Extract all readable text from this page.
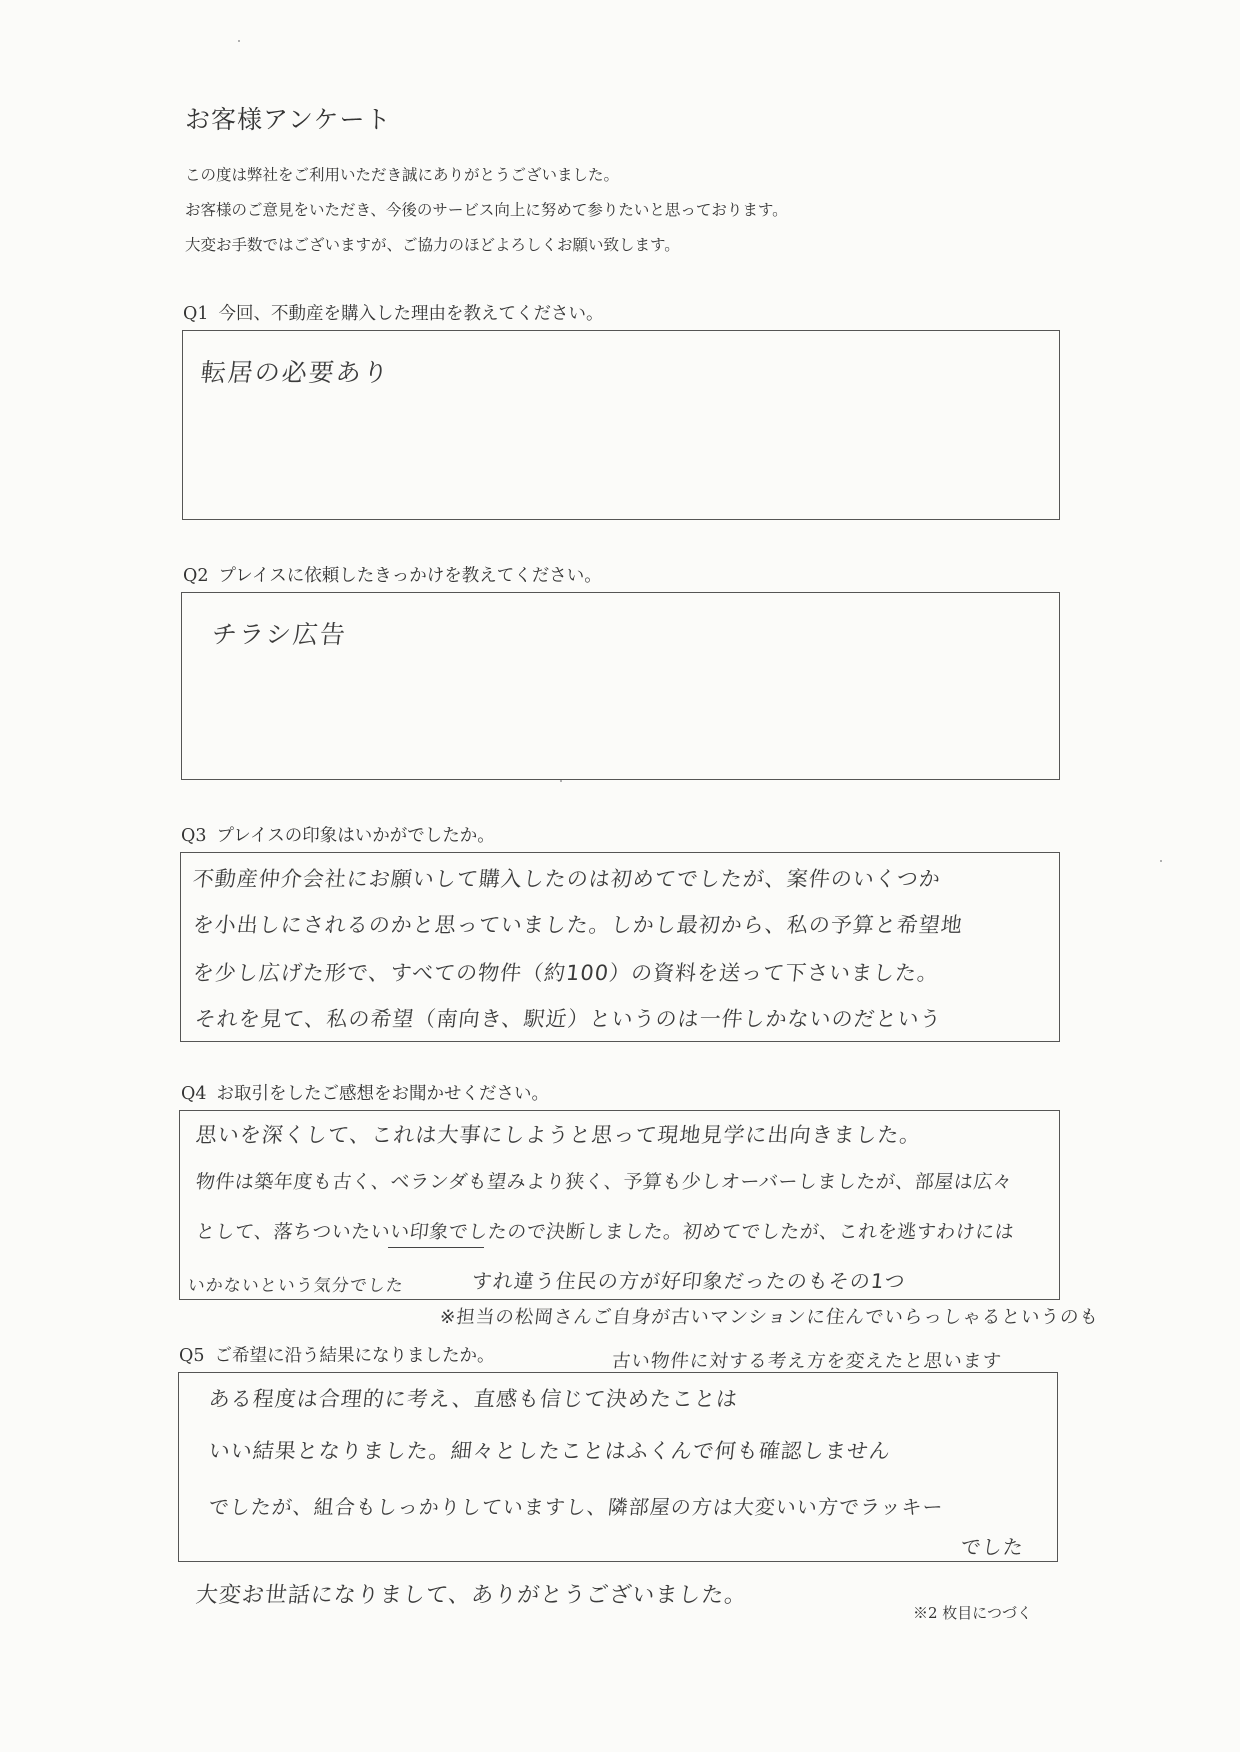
お客様アンケート
この度は弊社をご利用いただき誠にありがとうございました。
お客様のご意見をいただき、今後のサービス向上に努めて参りたいと思っております。
大変お手数ではございますが、ご協力のほどよろしくお願い致します。
Q1 今回、不動産を購入した理由を教えてください。
転居の必要あり
Q2 プレイスに依頼したきっかけを教えてください。
チラシ広告
Q3 プレイスの印象はいかがでしたか。
不動産仲介会社にお願いして購入したのは初めてでしたが、案件のいくつか
を小出しにされるのかと思っていました。しかし最初から、私の予算と希望地
を少し広げた形で、すべての物件（約100）の資料を送って下さいました。
それを見て、私の希望（南向き、駅近）というのは一件しかないのだという
Q4 お取引をしたご感想をお聞かせください。
思いを深くして、これは大事にしようと思って現地見学に出向きました。
物件は築年度も古く、ベランダも望みより狭く、予算も少しオーバーしましたが、部屋は広々
として、落ちついたいい印象でしたので決断しました。初めてでしたが、これを逃すわけには
いかないという気分でした	すれ違う住民の方が好印象だったのもその1つ
※担当の松岡さんご自身が古いマンションに住んでいらっしゃるというのも
古い物件に対する考え方を変えたと思います
Q5 ご希望に沿う結果になりましたか。
ある程度は合理的に考え、直感も信じて決めたことは
いい結果となりました。細々としたことはふくんで何も確認しません
でしたが、組合もしっかりしていますし、隣部屋の方は大変いい方でラッキー
でした
大変お世話になりまして、ありがとうございました。
※2 枚目につづく
